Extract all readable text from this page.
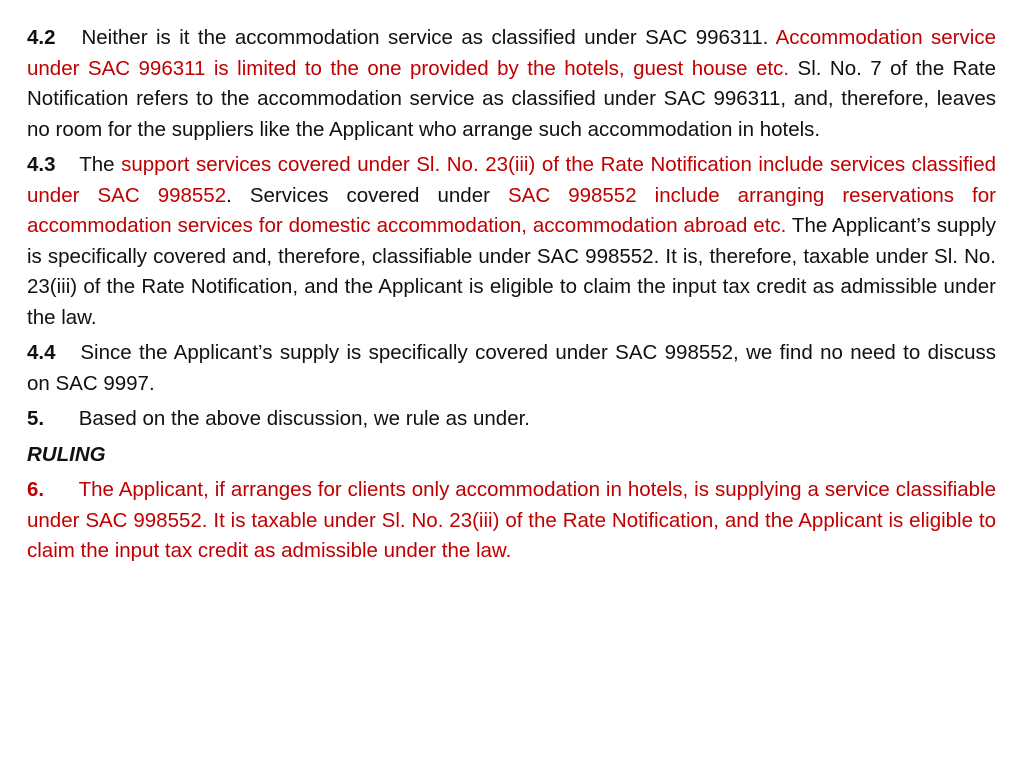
4.2 Neither is it the accommodation service as classified under SAC 996311. Accommodation service under SAC 996311 is limited to the one provided by the hotels, guest house etc. Sl. No. 7 of the Rate Notification refers to the accommodation service as classified under SAC 996311, and, therefore, leaves no room for the suppliers like the Applicant who arrange such accommodation in hotels.

4.3 The support services covered under Sl. No. 23(iii) of the Rate Notification include services classified under SAC 998552. Services covered under SAC 998552 include arranging reservations for accommodation services for domestic accommodation, accommodation abroad etc. The Applicant’s supply is specifically covered and, therefore, classifiable under SAC 998552. It is, therefore, taxable under Sl. No. 23(iii) of the Rate Notification, and the Applicant is eligible to claim the input tax credit as admissible under the law.

4.4 Since the Applicant’s supply is specifically covered under SAC 998552, we find no need to discuss on SAC 9997.

5. Based on the above discussion, we rule as under.

RULING

6. The Applicant, if arranges for clients only accommodation in hotels, is supplying a service classifiable under SAC 998552. It is taxable under Sl. No. 23(iii) of the Rate Notification, and the Applicant is eligible to claim the input tax credit as admissible under the law.
